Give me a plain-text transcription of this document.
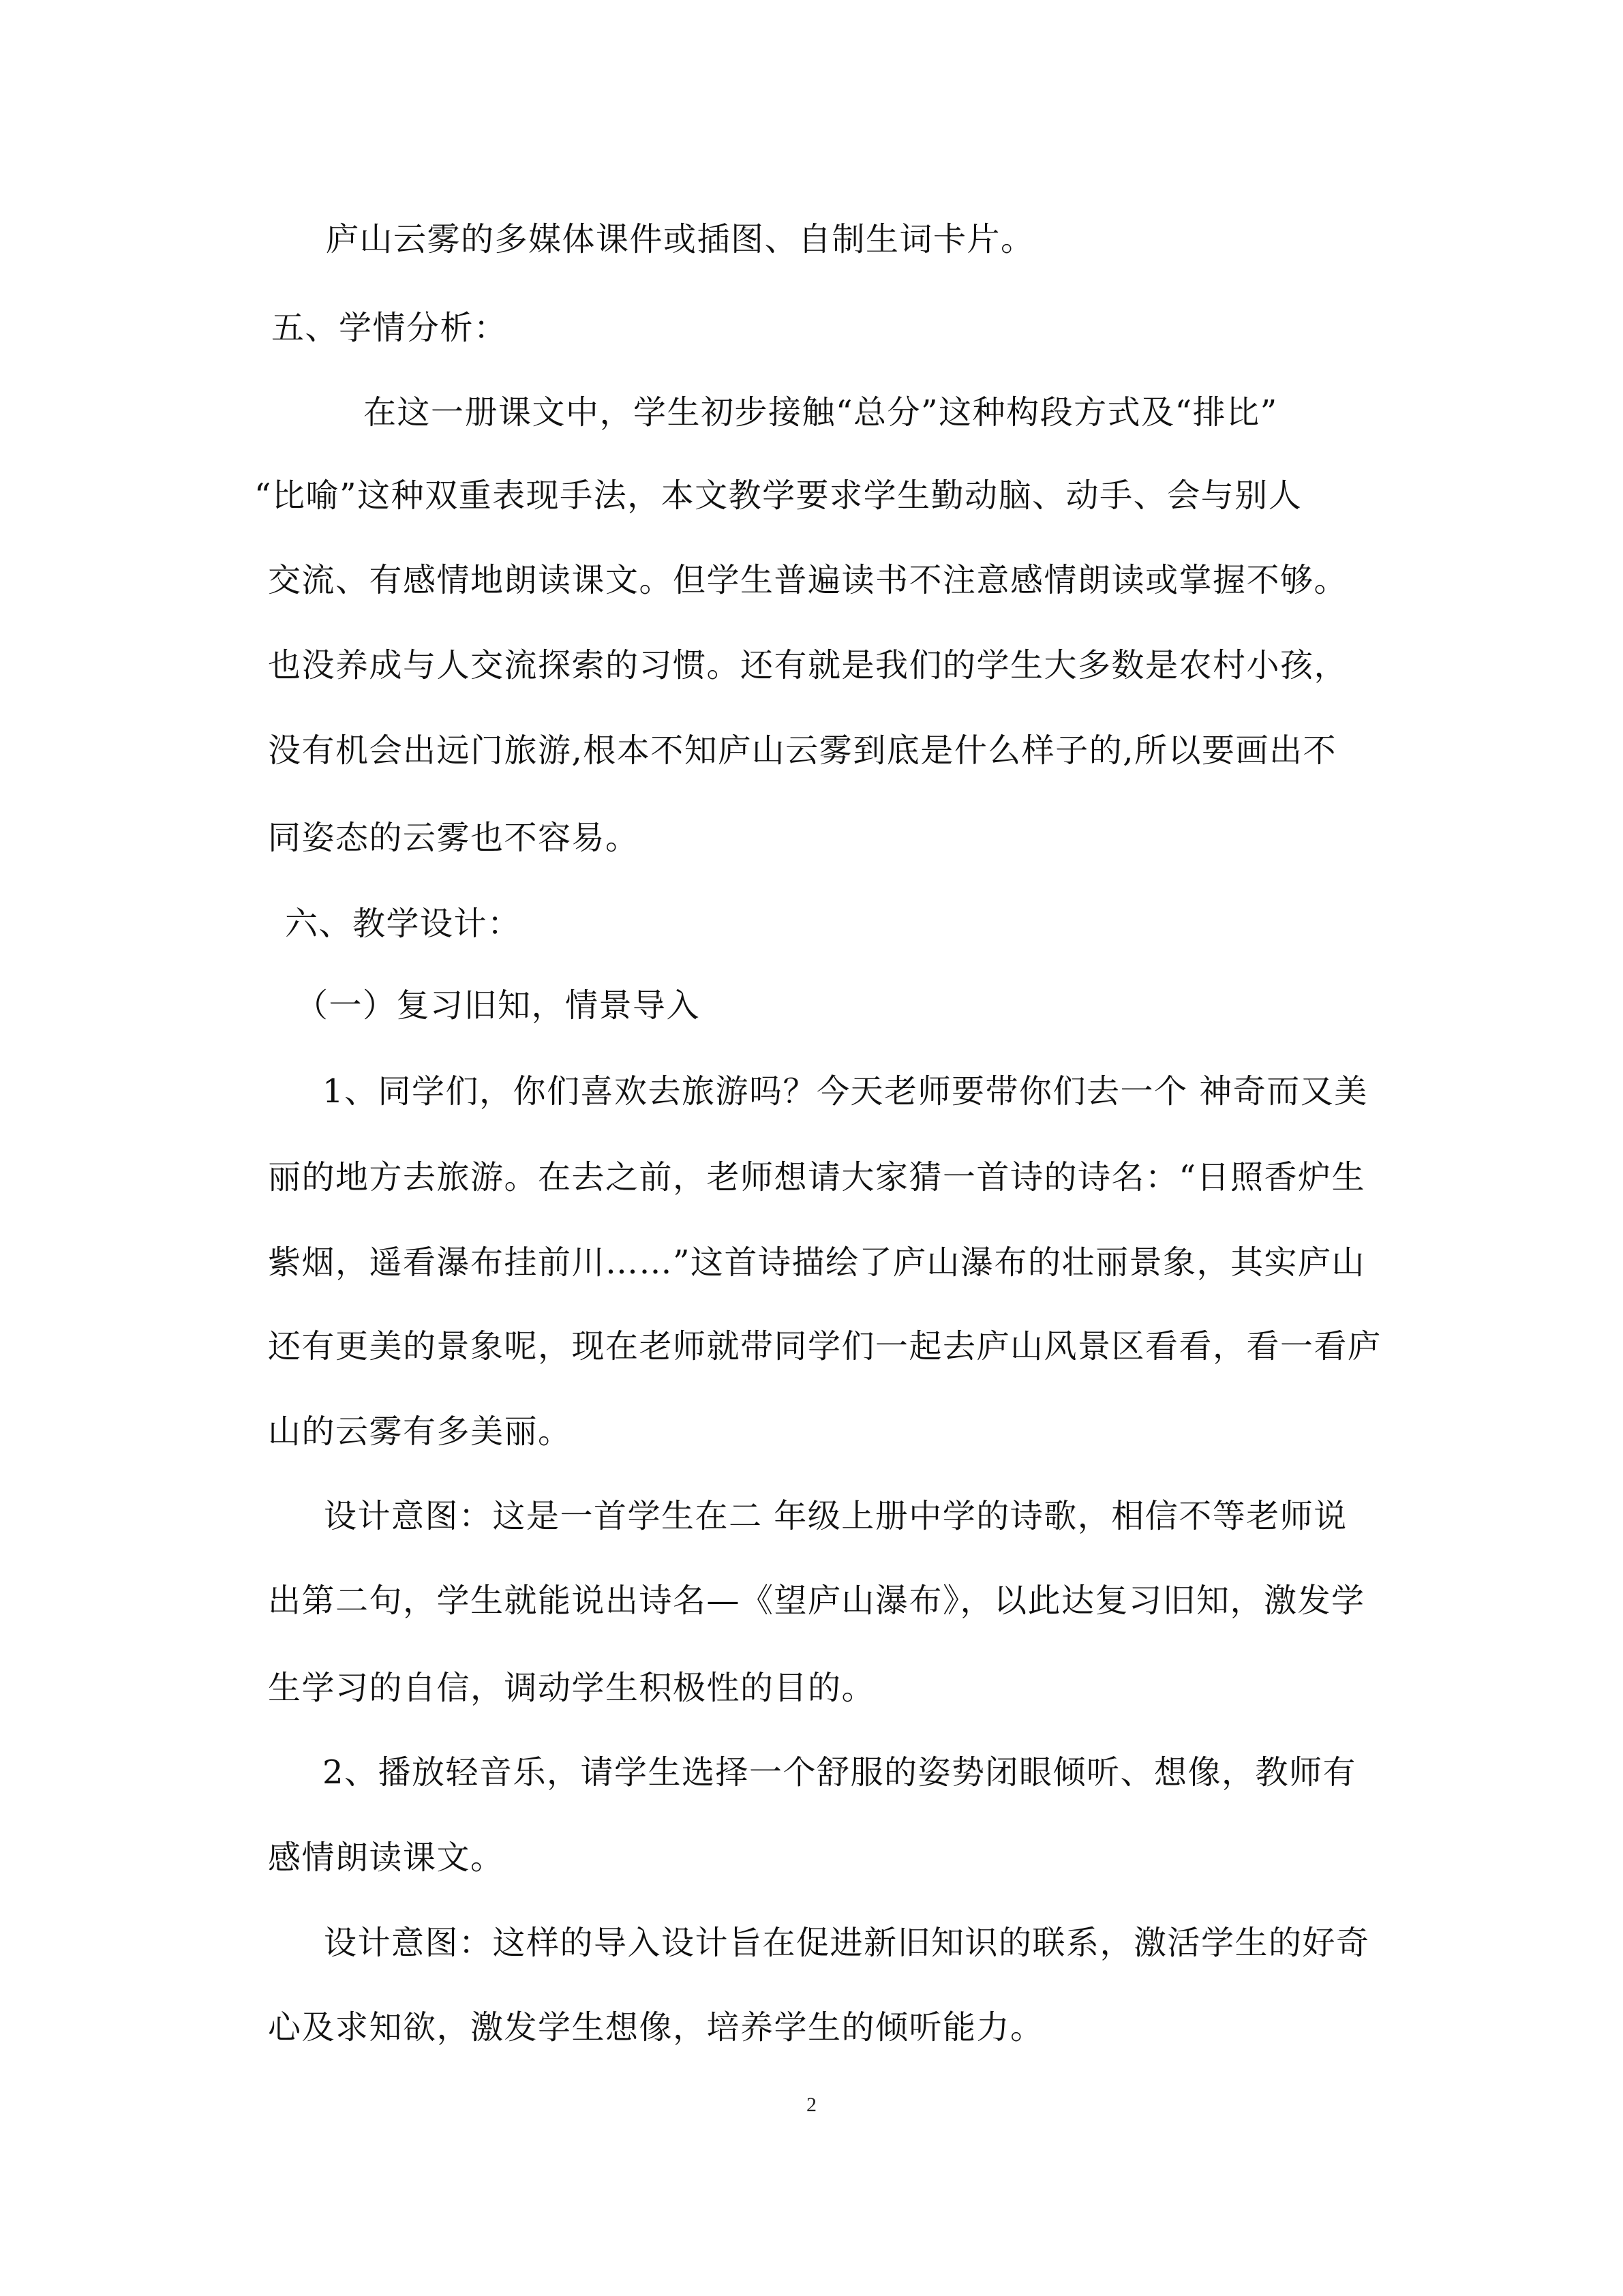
庐山云雾的多媒体课件或插图、自制生词卡片。
五、学情分析：
在这一册课文中，学生初步接触“总分”这种构段方式及“排比”
“比喻”这种双重表现手法，本文教学要求学生勤动脑、动手、会与别人
交流、有感情地朗读课文。但学生普遍读书不注意感情朗读或掌握不够。
也没养成与人交流探索的习惯。还有就是我们的学生大多数是农村小孩，
没有机会出远门旅游,根本不知庐山云雾到底是什么样子的,所以要画出不
同姿态的云雾也不容易。
六、教学设计：
（一）复习旧知，情景导入
1、同学们，你们喜欢去旅游吗？今天老师要带你们去一个 神奇而又美
丽的地方去旅游。在去之前，老师想请大家猜一首诗的诗名：“日照香炉生
紫烟，遥看瀑布挂前川……”这首诗描绘了庐山瀑布的壮丽景象，其实庐山
还有更美的景象呢，现在老师就带同学们一起去庐山风景区看看，看一看庐
山的云雾有多美丽。
设计意图：这是一首学生在二 年级上册中学的诗歌，相信不等老师说
出第二句，学生就能说出诗名—《望庐山瀑布》，以此达复习旧知，激发学
生学习的自信，调动学生积极性的目的。
2、播放轻音乐，请学生选择一个舒服的姿势闭眼倾听、想像，教师有
感情朗读课文。
设计意图：这样的导入设计旨在促进新旧知识的联系，激活学生的好奇
心及求知欲，激发学生想像，培养学生的倾听能力。
2
